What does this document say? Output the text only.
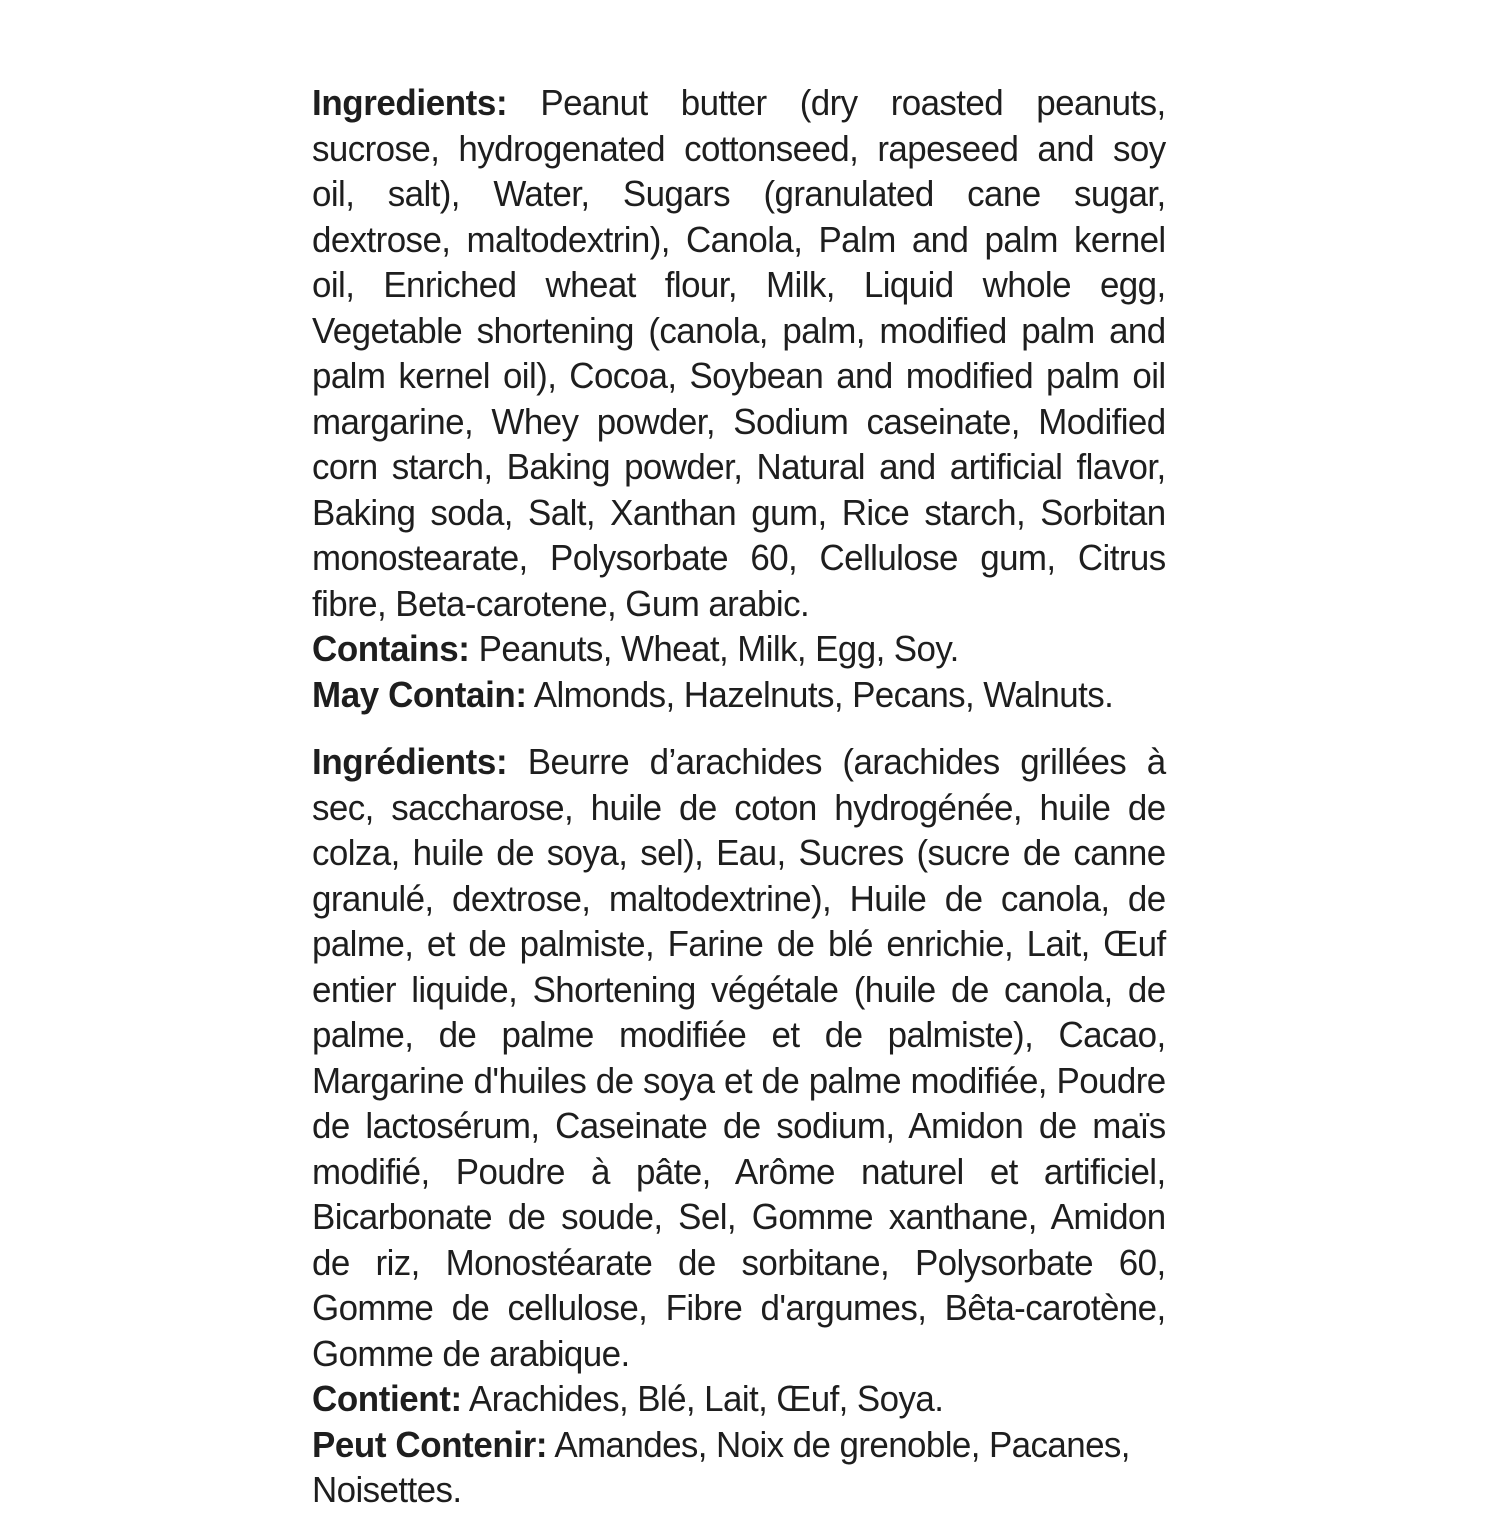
Ingredients: Peanut butter (dry roasted peanuts, sucrose, hydrogenated cottonseed, rapeseed and soy oil, salt), Water, Sugars (granulated cane sugar, dextrose, maltodextrin), Canola, Palm and palm kernel oil, Enriched wheat flour, Milk, Liquid whole egg, Vegetable shortening (canola, palm, modified palm and palm kernel oil), Cocoa, Soybean and modified palm oil margarine, Whey powder, Sodium caseinate, Modified corn starch, Baking powder, Natural and artificial flavor, Baking soda, Salt, Xanthan gum, Rice starch, Sorbitan monostearate, Polysorbate 60, Cellulose gum, Citrus fibre, Beta-carotene, Gum arabic.

Contains: Peanuts, Wheat, Milk, Egg, Soy.

May Contain: Almonds, Hazelnuts, Pecans, Walnuts.

Ingrédients: Beurre d’arachides (arachides grillées à sec, saccharose, huile de coton hydrogénée, huile de colza, huile de soya, sel), Eau, Sucres (sucre de canne granulé, dextrose, maltodextrine), Huile de canola, de palme, et de palmiste, Farine de blé enrichie, Lait, Œuf entier liquide, Shortening végétale (huile de canola, de palme, de palme modifiée et de palmiste), Cacao, Margarine d'huiles de soya et de palme modifiée, Poudre de lactosérum, Caseinate de sodium, Amidon de maïs modifié, Poudre à pâte, Arôme naturel et artificiel, Bicarbonate de soude, Sel, Gomme xanthane, Amidon de riz, Monostéarate de sorbitane, Polysorbate 60, Gomme de cellulose, Fibre d'argumes, Bêta-carotène, Gomme de arabique.

Contient: Arachides, Blé, Lait, Œuf, Soya.

Peut Contenir: Amandes, Noix de grenoble, Pacanes, Noisettes.
